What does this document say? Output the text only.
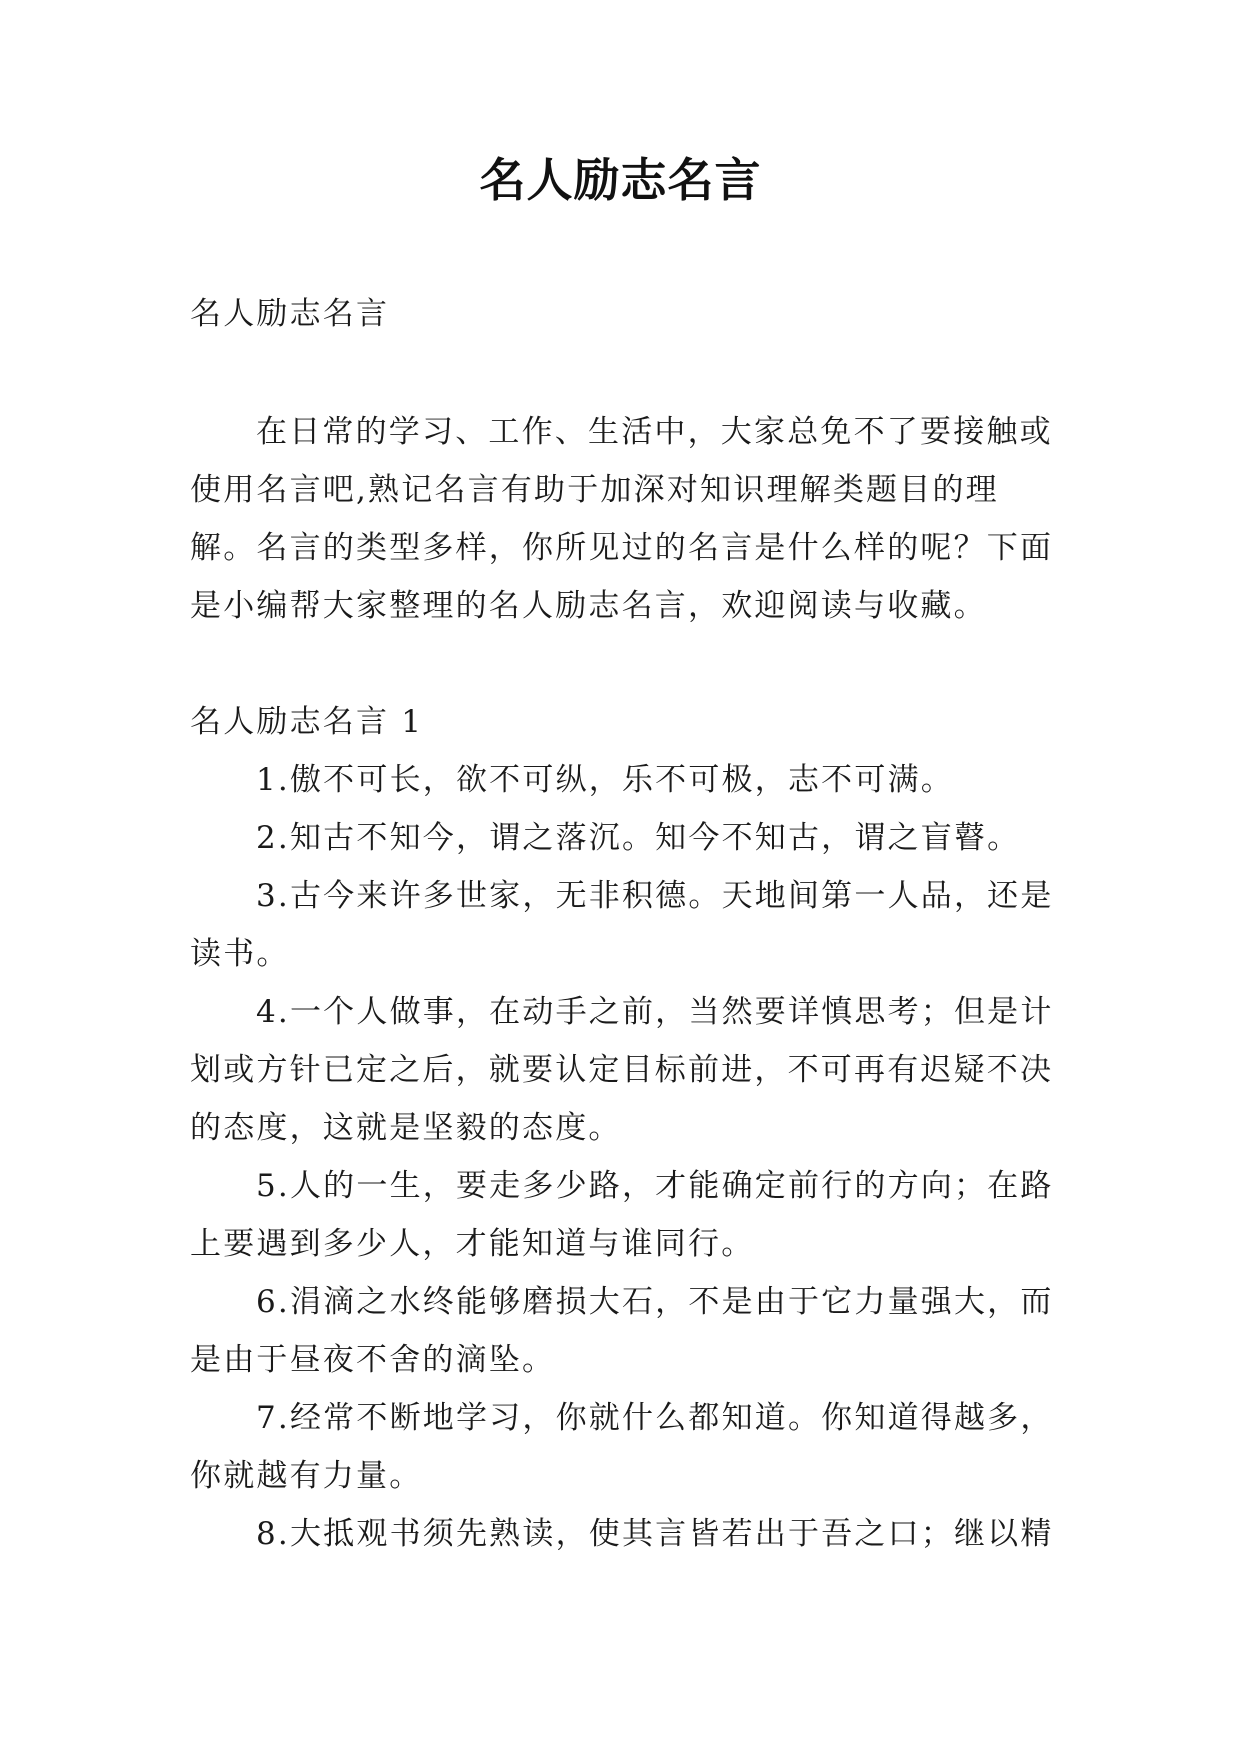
名人励志名言
名人励志名言

在日常的学习、工作、生活中，大家总免不了要接触或使用名言吧,熟记名言有助于加深对知识理解类题目的理解。名言的类型多样，你所见过的名言是什么样的呢？下面是小编帮大家整理的名人励志名言，欢迎阅读与收藏。

名人励志名言 1

1.傲不可长，欲不可纵，乐不可极，志不可满。

2.知古不知今，谓之落沉。知今不知古，谓之盲瞽。

3.古今来许多世家，无非积德。天地间第一人品，还是读书。

4.一个人做事，在动手之前，当然要详慎思考；但是计划或方针已定之后，就要认定目标前进，不可再有迟疑不决的态度，这就是坚毅的态度。

5.人的一生，要走多少路，才能确定前行的方向；在路上要遇到多少人，才能知道与谁同行。

6.涓滴之水终能够磨损大石，不是由于它力量强大，而是由于昼夜不舍的滴坠。

7.经常不断地学习，你就什么都知道。你知道得越多，你就越有力量。

8.大抵观书须先熟读，使其言皆若出于吾之口；继以精
